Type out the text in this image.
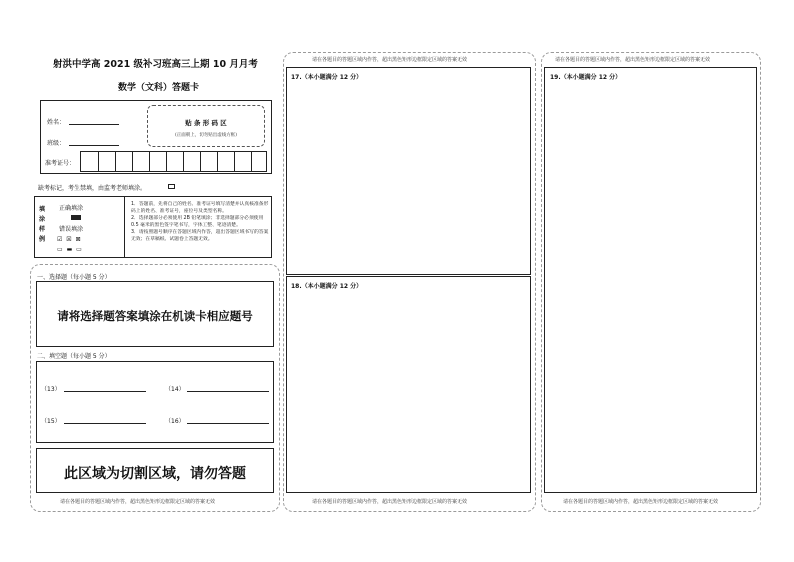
射洪中学高 2021 级补习班高三上期 10 月月考
数学（文科）答题卡
姓名：
班级：
贴 条 形 码 区
(正面朝上，切勿贴出虚线方框)
准考证号：
缺考标记，考生禁填，由监考老师填涂。
填涂样例
正确填涂
错误填涂
☑ ☒ ⊠
▭ ▬ ▭
1．答题前，先将自己的姓名、准考证号填写清楚并认真核准条形码上的姓名、准考证号，座位号及类型名称。
2．选择题部分必须使用 2B 铅笔填涂；非选择题部分必须使用 0.5 毫米的黑色签字笔书写，字体工整、笔迹清楚。
3．请按照题号顺序在答题区域内作答，超出答题区域书写的答案无效；在草稿纸、试题卷上答题无效。
一、选择题（每小题 5 分）
请将选择题答案填涂在机读卡相应题号
二、填空题（每小题 5 分）
（13）	（14）
（15）	（16）
此区域为切割区域，请勿答题
请在各题目的答题区域内作答，超出黑色矩形边框限定区域的答案无效
请在各题目的答题区域内作答，超出黑色矩形边框限定区域的答案无效
17.（本小题满分 12 分）
18.（本小题满分 12 分）
请在各题目的答题区域内作答，超出黑色矩形边框限定区域的答案无效
请在各题目的答题区域内作答，超出黑色矩形边框限定区域的答案无效
19.（本小题满分 12 分）
请在各题目的答题区域内作答，超出黑色矩形边框限定区域的答案无效
